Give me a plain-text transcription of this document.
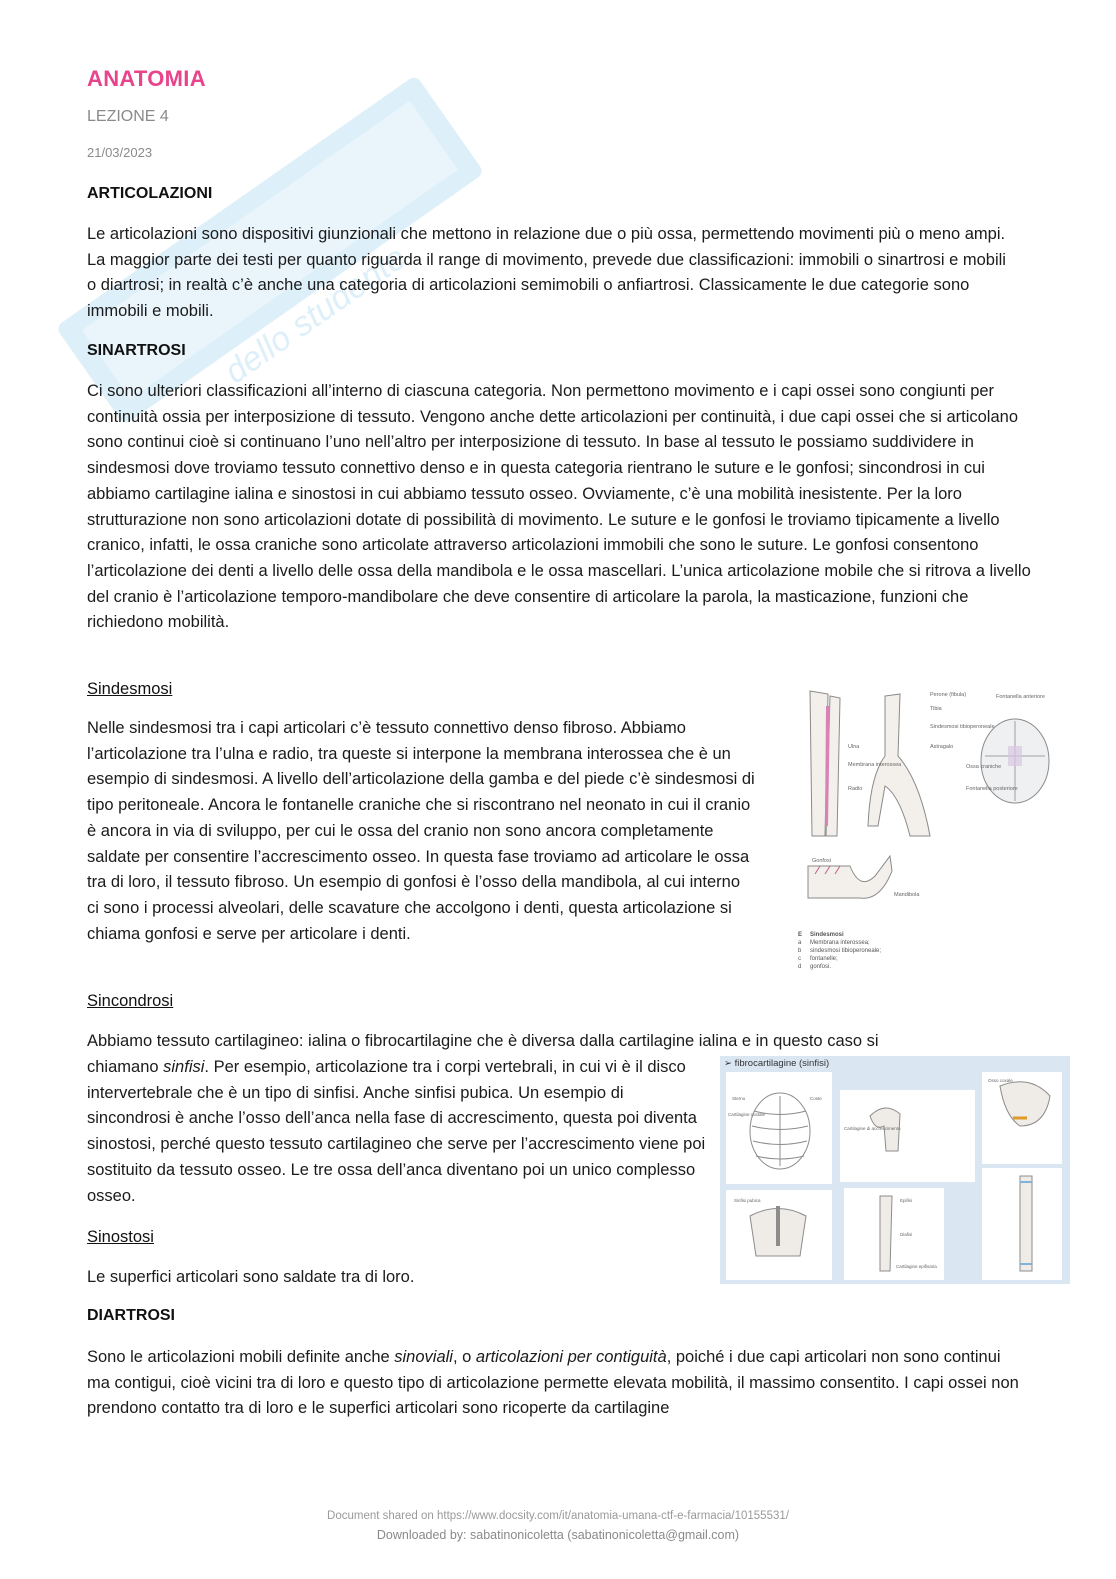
dello studente
ANATOMIA
LEZIONE 4
21/03/2023
ARTICOLAZIONI

Le articolazioni sono dispositivi giunzionali che mettono in relazione due o più ossa, permettendo movimenti più o meno ampi. La maggior parte dei testi per quanto riguarda il range di movimento, prevede due classificazioni: immobili o sinartrosi e mobili o diartrosi; in realtà c’è anche una categoria di articolazioni semimobili o anfiartrosi. Classicamente le due categorie sono immobili e mobili.

SINARTROSI

Ci sono ulteriori classificazioni all’interno di ciascuna categoria. Non permettono movimento e i capi ossei sono congiunti per continuità ossia per interposizione di tessuto. Vengono anche dette articolazioni per continuità, i due capi ossei che si articolano sono continui cioè si continuano l’uno nell’altro per interposizione di tessuto. In base al tessuto le possiamo suddividere in sindesmosi dove troviamo tessuto connettivo denso e in questa categoria rientrano le suture e le gonfosi; sincondrosi in cui abbiamo cartilagine ialina e sinostosi in cui abbiamo tessuto osseo. Ovviamente, c’è una mobilità inesistente. Per la loro strutturazione non sono articolazioni dotate di possibilità di movimento. Le suture e le gonfosi le troviamo tipicamente a livello cranico, infatti, le ossa craniche sono articolate attraverso articolazioni immobili che sono le suture. Le gonfosi consentono l’articolazione dei denti a livello delle ossa della mandibola e le ossa mascellari. L’unica articolazione mobile che si ritrova a livello del cranio è l’articolazione temporo-mandibolare che deve consentire di articolare la parola, la masticazione, funzioni che richiedono mobilità.

Sindesmosi

Nelle sindesmosi tra i capi articolari c’è tessuto connettivo denso fibroso. Abbiamo l’articolazione tra l’ulna e radio, tra queste si interpone la membrana interossea che è un esempio di sindesmosi. A livello dell’articolazione della gamba e del piede c’è sindesmosi di tipo peritoneale. Ancora le fontanelle craniche che si riscontrano nel neonato in cui il cranio è ancora in via di sviluppo, per cui le ossa del cranio non sono ancora completamente saldate per consentire l’accrescimento osseo. In questa fase troviamo ad articolare le ossa tra di loro, il tessuto fibroso. Un esempio di gonfosi è l’osso della mandibola, al cui interno ci sono i processi alveolari, delle scavature che accolgono i denti, questa articolazione si chiama gonfosi e serve per articolare i denti.

Perone (fibula)
Tibia
Sindesmosi tibioperoneale
Astragalo
Fontanella anteriore
Ossa craniche
Fontanella posteriore
Ulna
Membrana interossea
Radio
Gonfosi
Mandibola
E Sindesmosi
a Membrana interossea;
b sindesmosi tibioperoneale;
c fontanelle;
d gonfosi.
Sincondrosi

Abbiamo tessuto cartilagineo: ialina o fibrocartilagine che è diversa dalla cartilagine ialina e in questo caso si

chiamano sinfisi. Per esempio, articolazione tra i corpi vertebrali, in cui vi è il disco intervertebrale che è un tipo di sinfisi. Anche sinfisi pubica. Un esempio di sincondrosi è anche l’osso dell’anca nella fase di accrescimento, questa poi diventa sinostosi, perché questo tessuto cartilagineo che serve per l’accrescimento viene poi sostituito da tessuto osseo. Le tre ossa dell’anca diventano poi un unico complesso osseo.

➢ fibrocartilagine (sinfisi)
Sterno	Coste
Cartilagine costale
Cartilagine di accrescimento
Osso coxale
Sinfisi pubica	Epifisi
Diafisi
Cartilagine epifisaria
Sinostosi

Le superfici articolari sono saldate tra di loro.

DIARTROSI

Sono le articolazioni mobili definite anche sinoviali, o articolazioni per contiguità, poiché i due capi articolari non sono continui ma contigui, cioè vicini tra di loro e questo tipo di articolazione permette elevata mobilità, il massimo consentito. I capi ossei non prendono contatto tra di loro e le superfici articolari sono ricoperte da cartilagine

Document shared on https://www.docsity.com/it/anatomia-umana-ctf-e-farmacia/10155531/
Downloaded by: sabatinonicoletta (sabatinonicoletta@gmail.com)
